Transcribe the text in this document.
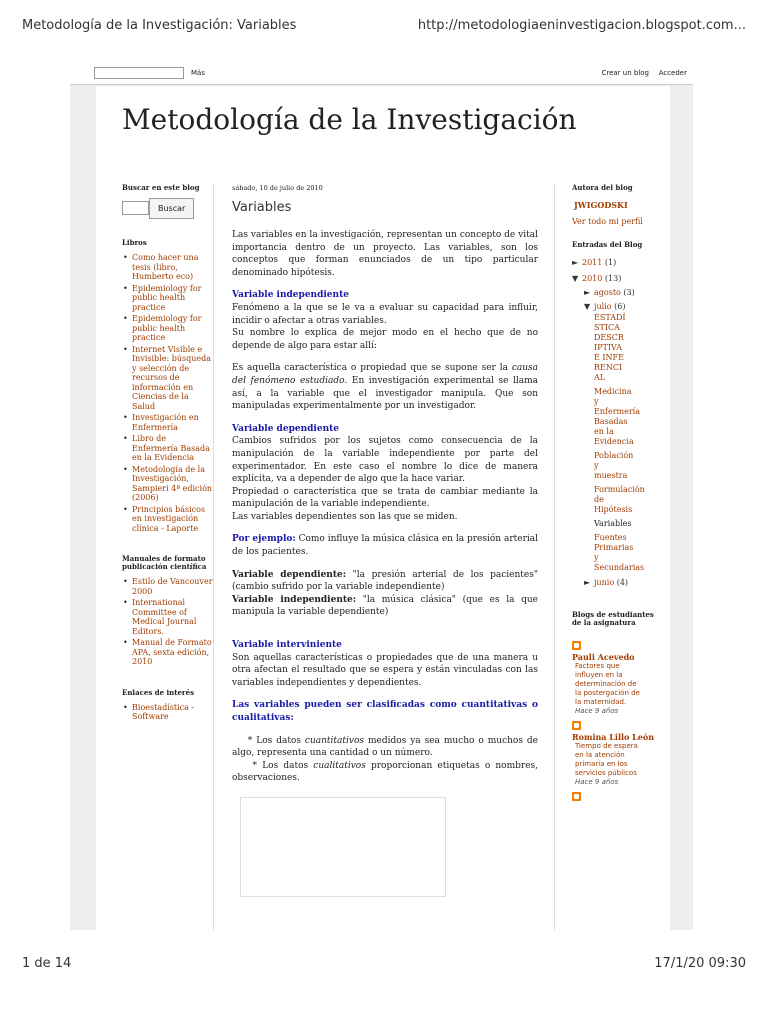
Metodología de la Investigación: Variables	http://metodologiaeninvestigacion.blogspot.com...
Más	Crear un blog Acceder
Metodología de la Investigación
Buscar en este blog
Buscar
Libros
• Como hacer una tesis (libro, Humberto eco)
• Epidemiology for public health practice
• Epidemiology for public health practice
• Internet Visible e Invisible: búsqueda y selección de recursos de información en Ciencias de la Salud
• Investigación en Enfermería
• Libro de Enfermería Basada en la Evidencia
• Metodología de la Investigación, Sampieri 4ª edición (2006)
• Principios básicos en investigación clínica - Laporte
Manuales de formato publicación científica
• Estilo de Vancouver 2000
• International Committee of Medical Journal Editors.
• Manual de Formato APA, sexta edición, 2010
Enlaces de interés
• Bioestadística - Software
sábado, 10 de julio de 2010
Variables
Las variables en la investigación, representan un concepto de vital importancia dentro de un proyecto. Las variables, son los conceptos que forman enunciados de un tipo particular denominado hipótesis.
Variable independiente
Fenómeno a la que se le va a evaluar su capacidad para influir, incidir o afectar a otras variables.
Su nombre lo explica de mejor modo en el hecho que de no depende de algo para estar allí:
Es aquella característica o propiedad que se supone ser la causa del fenómeno estudiado. En investigación experimental se llama así, a la variable que el investigador manipula. Que son manipuladas experimentalmente por un investigador.
Variable dependiente
Cambios sufridos por los sujetos como consecuencia de la manipulación de la variable independiente por parte del experimentador. En este caso el nombre lo dice de manera explícita, va a depender de algo que la hace variar.
Propiedad o característica que se trata de cambiar mediante la manipulación de la variable independiente.
Las variables dependientes son las que se miden.
Por ejemplo: Como influye la música clásica en la presión arterial de los pacientes.
Variable dependiente: "la presión arterial de los pacientes" (cambio sufrido por la variable independiente)
Variable independiente: "la música clásica" (que es la que manipula la variable dependiente)
Variable interviniente
Son aquellas características o propiedades que de una manera u otra afectan el resultado que se espera y están vinculadas con las variables independientes y dependientes.
Las variables pueden ser clasificadas como cuantitativas o cualitativas:
* Los datos cuantitativos medidos ya sea mucho o muchos de algo, representa una cantidad o un número.
* Los datos cualitativos proporcionan etiquetas o nombres, observaciones.
Autora del blog
JWIGODSKI
Ver todo mi perfil
Entradas del Blog
► 2011
(1)
▼ 2010
(13)
► agosto
(3)
▼ julio
(6)
ESTADÍSTICA DESCRIPTIVA E INFERENCIAL
Medicina y Enfermería Basadas en la Evidencia
Población y muestra
Formulación de Hipótesis
Variables
Fuentes Primarias y Secundarias
► junio
(4)
Blogs de estudiantes de la asignatura
Pauli Acevedo
Factores que influyen en la determinación de la postergación de la maternidad.
Hace 9 años
Romina Lillo León
Tiempo de espera en la atención primaria en los servicios públicos
Hace 9 años
1 de 14	17/1/20 09:30
